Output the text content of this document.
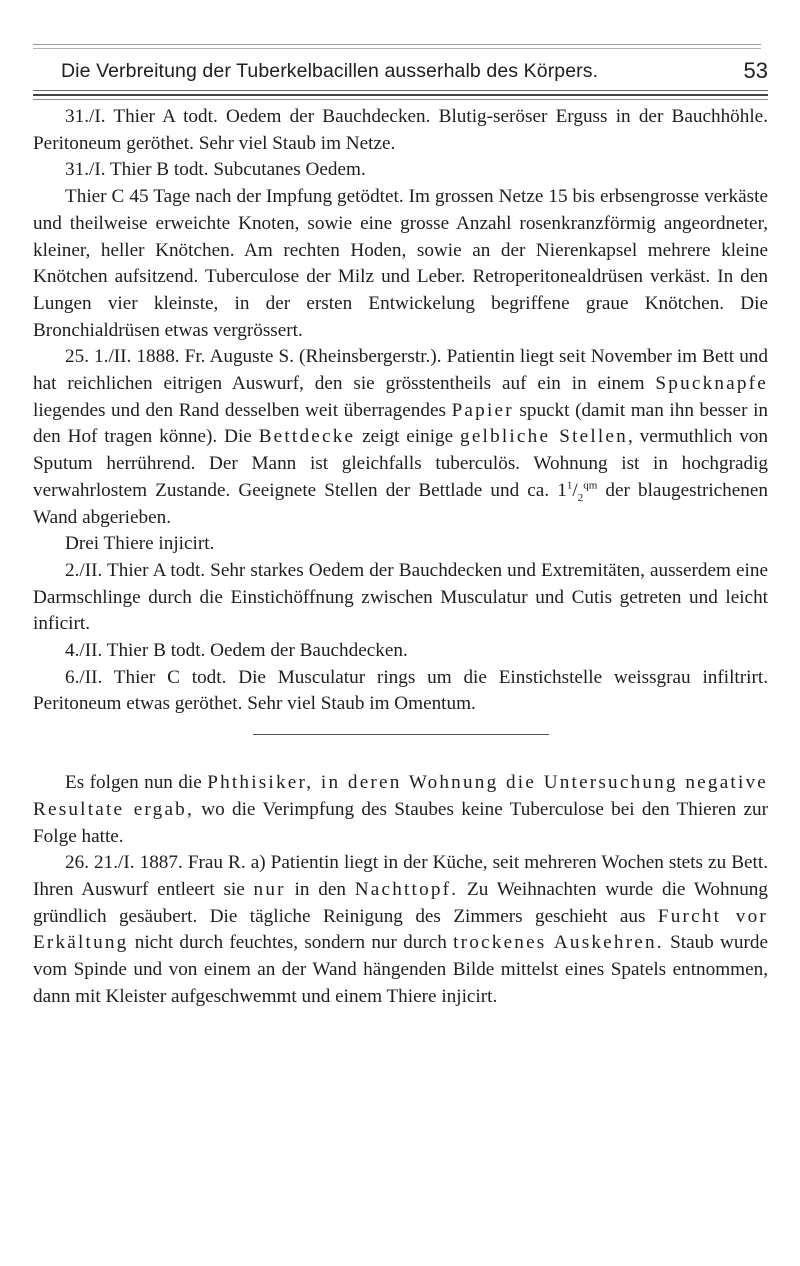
Die Verbreitung der Tuberkelbacillen ausserhalb des Körpers.	53

31./I. Thier A todt. Oedem der Bauchdecken. Blutig-seröser Erguss in der Bauchhöhle. Peritoneum geröthet. Sehr viel Staub im Netze.

31./I. Thier B todt. Subcutanes Oedem.

Thier C 45 Tage nach der Impfung getödtet. Im grossen Netze 15 bis erbsengrosse verkäste und theilweise erweichte Knoten, sowie eine grosse Anzahl rosenkranzförmig angeordneter, kleiner, heller Knötchen. Am rechten Hoden, sowie an der Nierenkapsel mehrere kleine Knötchen aufsitzend. Tuberculose der Milz und Leber. Retroperitonealdrüsen verkäst. In den Lungen vier kleinste, in der ersten Entwickelung begriffene graue Knötchen. Die Bronchialdrüsen etwas vergrössert.

25. 1./II. 1888. Fr. Auguste S. (Rheinsbergerstr.). Patientin liegt seit November im Bett und hat reichlichen eitrigen Auswurf, den sie grösstentheils auf ein in einem Spucknapfe liegendes und den Rand desselben weit überragendes Papier spuckt (damit man ihn besser in den Hof tragen könne). Die Bettdecke zeigt einige gelbliche Stellen, vermuthlich von Sputum herrührend. Der Mann ist gleichfalls tuberculös. Wohnung ist in hochgradig verwahrlostem Zustande. Geeignete Stellen der Bettlade und ca. $1^1/_2^{qm}$ der blaugestrichenen Wand abgerieben.

Drei Thiere injicirt.

2./II. Thier A todt. Sehr starkes Oedem der Bauchdecken und Extremitäten, ausserdem eine Darmschlinge durch die Einstichöffnung zwischen Musculatur und Cutis getreten und leicht inficirt.

4./II. Thier B todt. Oedem der Bauchdecken.

6./II. Thier C todt. Die Musculatur rings um die Einstichstelle weissgrau infiltrirt. Peritoneum etwas geröthet. Sehr viel Staub im Omentum.

Es folgen nun die Phthisiker, in deren Wohnung die Untersuchung negative Resultate ergab, wo die Verimpfung des Staubes keine Tuberculose bei den Thieren zur Folge hatte.

26. 21./I. 1887. Frau R. a) Patientin liegt in der Küche, seit mehreren Wochen stets zu Bett. Ihren Auswurf entleert sie nur in den Nachttopf. Zu Weihnachten wurde die Wohnung gründlich gesäubert. Die tägliche Reinigung des Zimmers geschieht aus Furcht vor Erkältung nicht durch feuchtes, sondern nur durch trockenes Auskehren. Staub wurde vom Spinde und von einem an der Wand hängenden Bilde mittelst eines Spatels entnommen, dann mit Kleister aufgeschwemmt und einem Thiere injicirt.
